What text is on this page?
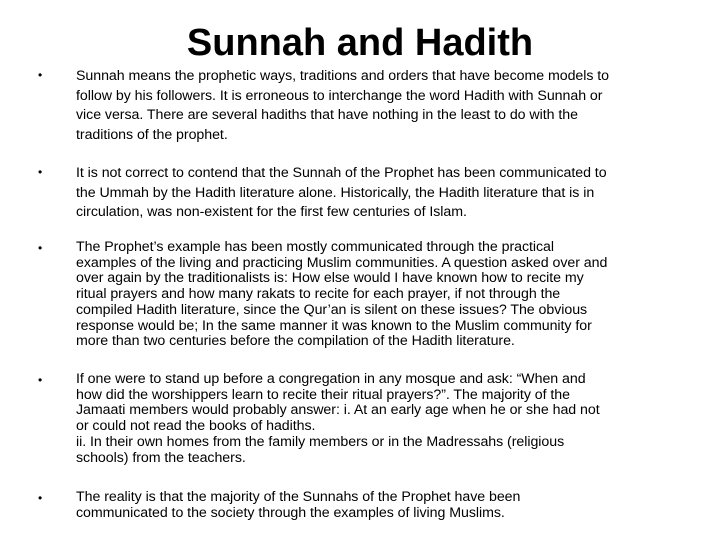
Sunnah and Hadith
• Sunnah means the prophetic ways, traditions and orders that have become models to
follow by his followers. It is erroneous to interchange the word Hadith with Sunnah or
vice versa. There are several hadiths that have nothing in the least to do with the
traditions of the prophet.
• It is not correct to contend that the Sunnah of the Prophet has been communicated to
the Ummah by the Hadith literature alone. Historically, the Hadith literature that is in
circulation, was non-existent for the first few centuries of Islam.
• The Prophet’s example has been mostly communicated through the practical
examples of the living and practicing Muslim communities. A question asked over and
over again by the traditionalists is: How else would I have known how to recite my
ritual prayers and how many rakats to recite for each prayer, if not through the
compiled Hadith literature, since the Qur’an is silent on these issues? The obvious
response would be; In the same manner it was known to the Muslim community for
more than two centuries before the compilation of the Hadith literature.
• If one were to stand up before a congregation in any mosque and ask: “When and
how did the worshippers learn to recite their ritual prayers?”. The majority of the
Jamaati members would probably answer: i. At an early age when he or she had not
or could not read the books of hadiths.
ii. In their own homes from the family members or in the Madressahs (religious
schools) from the teachers.
• The reality is that the majority of the Sunnahs of the Prophet have been
communicated to the society through the examples of living Muslims.
